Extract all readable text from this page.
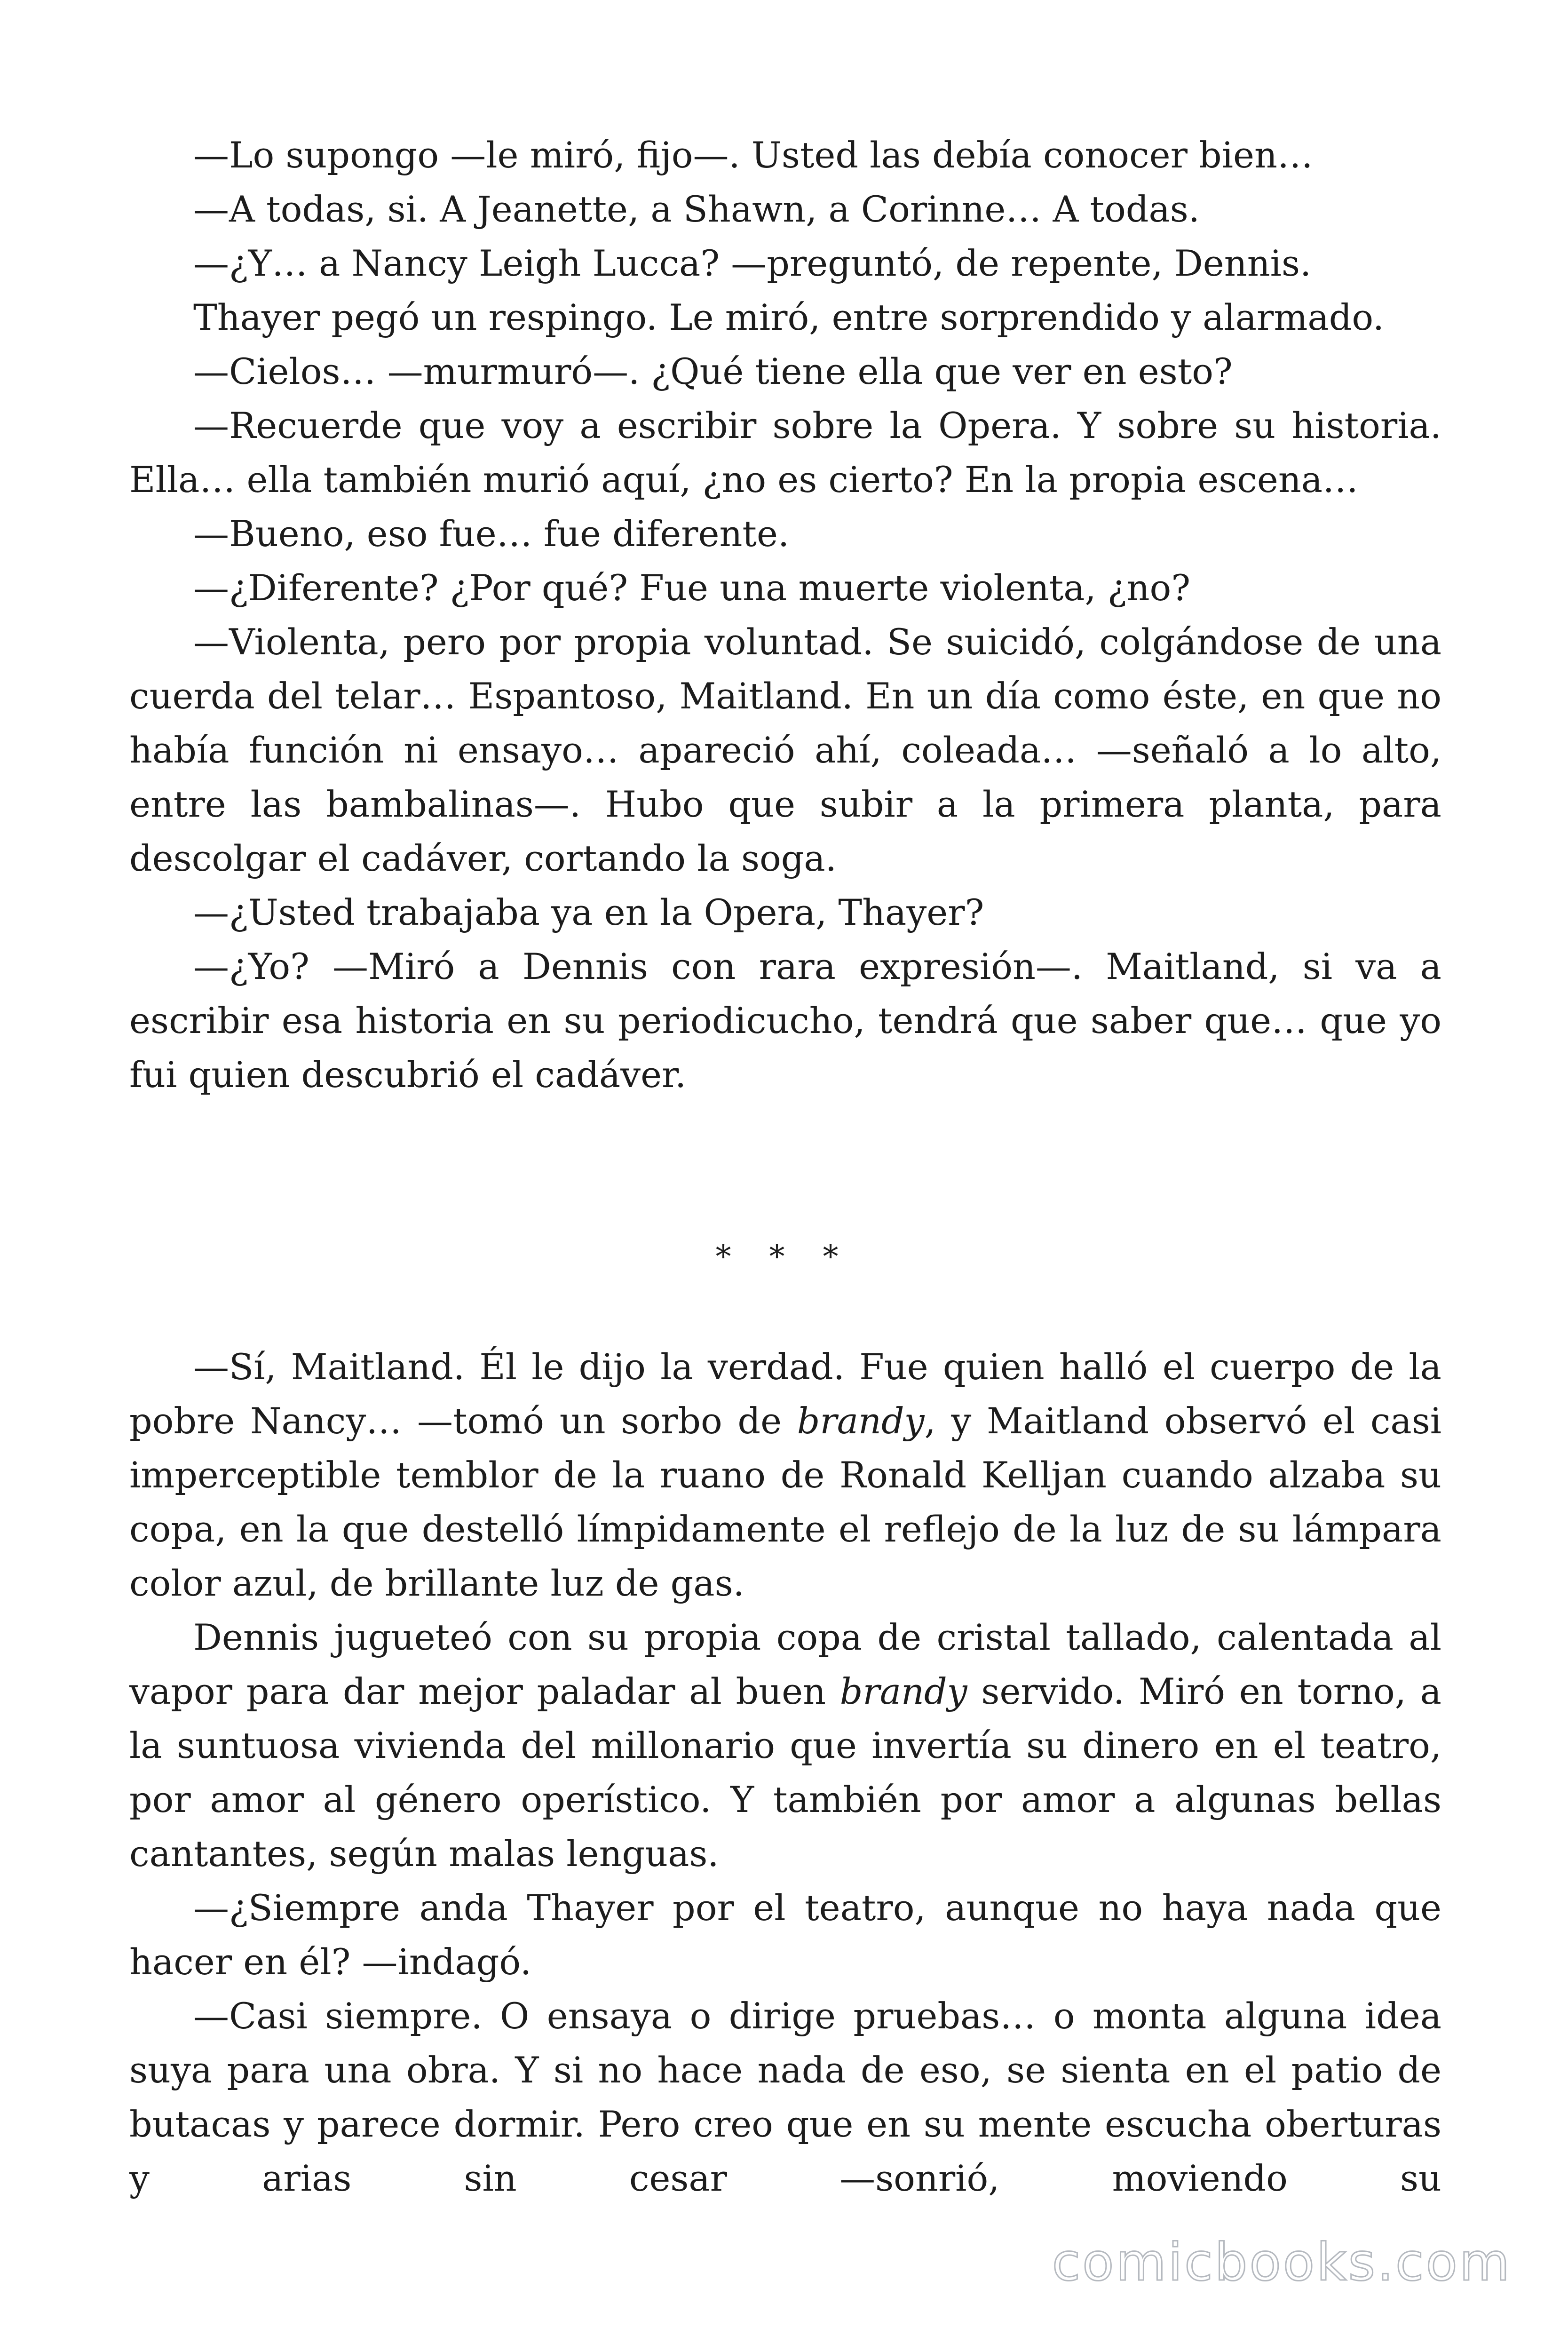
—Lo supongo —le miró, fijo—. Usted las debía conocer bien…

—A todas, si. A Jeanette, a Shawn, a Corinne… A todas.

—¿Y… a Nancy Leigh Lucca? —preguntó, de repente, Dennis.

Thayer pegó un respingo. Le miró, entre sorprendido y alarmado.

—Cielos… —murmuró—. ¿Qué tiene ella que ver en esto?

—Recuerde que voy a escribir sobre la Opera. Y sobre su historia. Ella… ella también murió aquí, ¿no es cierto? En la propia escena…

—Bueno, eso fue… fue diferente.

—¿Diferente? ¿Por qué? Fue una muerte violenta, ¿no?

—Violenta, pero por propia voluntad. Se suicidó, colgándose de una cuerda del telar… Espantoso, Maitland. En un día como éste, en que no había función ni ensayo… apareció ahí, coleada… —señaló a lo alto, entre las bambalinas—. Hubo que subir a la primera planta, para descolgar el cadáver, cortando la soga.

—¿Usted trabajaba ya en la Opera, Thayer?

—¿Yo? —Miró a Dennis con rara expresión—. Maitland, si va a escribir esa historia en su periodicucho, tendrá que saber que… que yo fui quien descubrió el cadáver.

* * *

—Sí, Maitland. Él le dijo la verdad. Fue quien halló el cuerpo de la pobre Nancy… —tomó un sorbo de brandy, y Maitland observó el casi imperceptible temblor de la ruano de Ronald Kelljan cuando alzaba su copa, en la que destelló límpidamente el reflejo de la luz de su lámpara color azul, de brillante luz de gas.

Dennis jugueteó con su propia copa de cristal tallado, calentada al vapor para dar mejor paladar al buen brandy servido. Miró en torno, a la suntuosa vivienda del millonario que invertía su dinero en el teatro, por amor al género operístico. Y también por amor a algunas bellas cantantes, según malas lenguas.

—¿Siempre anda Thayer por el teatro, aunque no haya nada que hacer en él? —indagó.

—Casi siempre. O ensaya o dirige pruebas… o monta alguna idea suya para una obra. Y si no hace nada de eso, se sienta en el patio de butacas y parece dormir. Pero creo que en su mente escucha oberturas y arias sin cesar —sonrió, moviendo su

comicbooks.com
